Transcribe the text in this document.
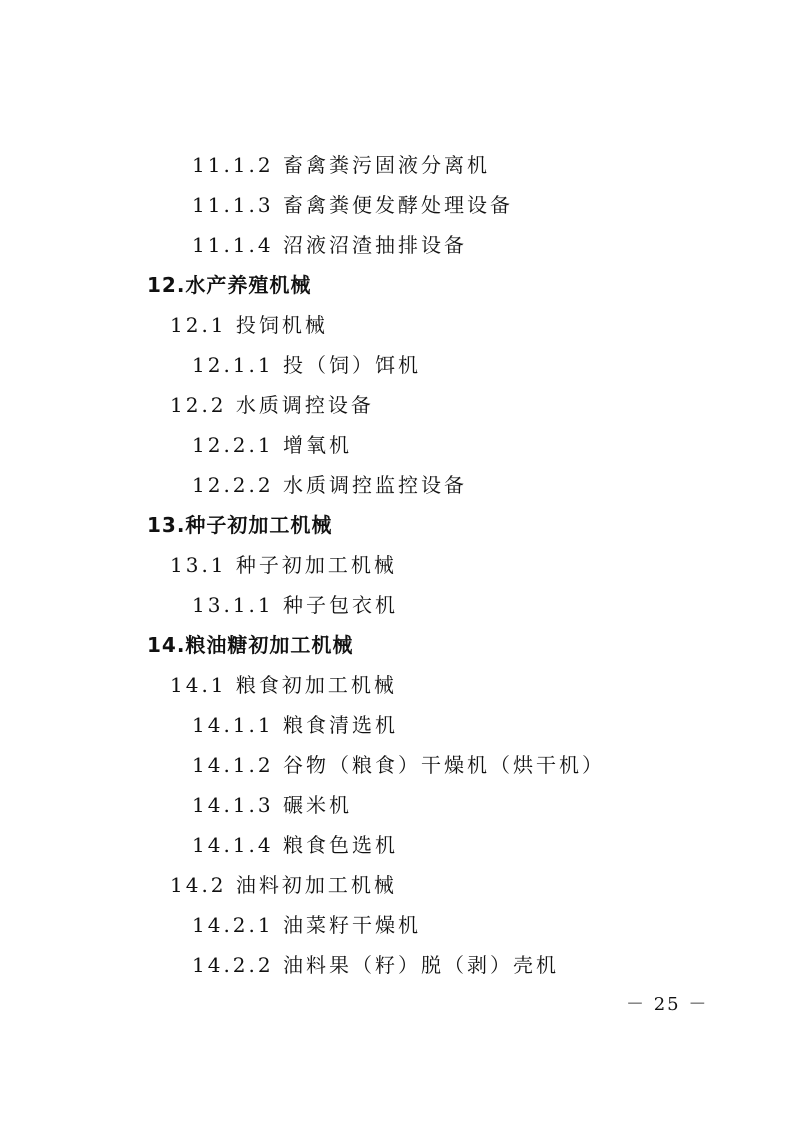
11.1.2 畜禽粪污固液分离机
11.1.3 畜禽粪便发酵处理设备
11.1.4 沼液沼渣抽排设备
12.水产养殖机械
12.1 投饲机械
12.1.1 投（饲）饵机
12.2 水质调控设备
12.2.1 增氧机
12.2.2 水质调控监控设备
13.种子初加工机械
13.1 种子初加工机械
13.1.1 种子包衣机
14.粮油糖初加工机械
14.1 粮食初加工机械
14.1.1 粮食清选机
14.1.2 谷物（粮食）干燥机（烘干机）
14.1.3 碾米机
14.1.4 粮食色选机
14.2 油料初加工机械
14.2.1 油菜籽干燥机
14.2.2 油料果（籽）脱（剥）壳机
－ 25 －
